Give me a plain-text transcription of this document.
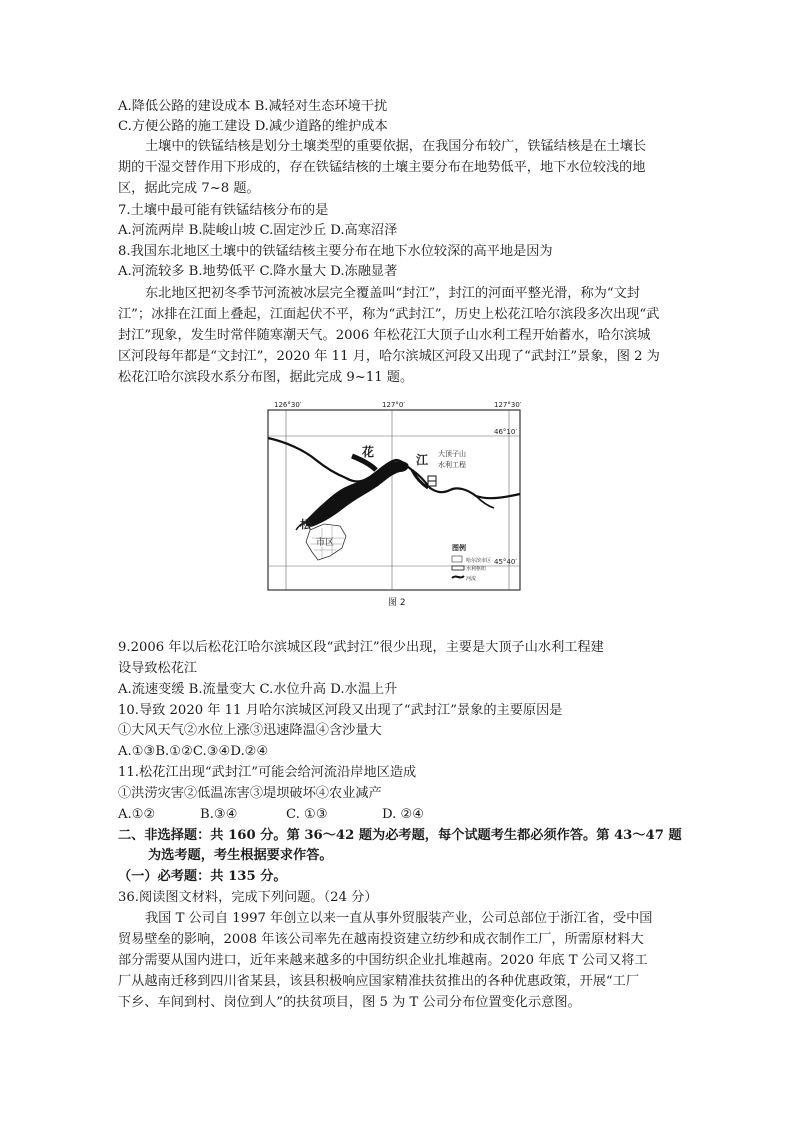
A.降低公路的建设成本 B.减轻对生态环境干扰
C.方便公路的施工建设 D.减少道路的维护成本
土壤中的铁锰结核是划分土壤类型的重要依据，在我国分布较广，铁锰结核是在土壤长
期的干湿交替作用下形成的，存在铁锰结核的土壤主要分布在地势低平，地下水位较浅的地
区，据此完成 7~8 题。
7.土壤中最可能有铁锰结核分布的是
A.河流两岸 B.陡峻山坡 C.固定沙丘 D.高寒沼泽
8.我国东北地区土壤中的铁锰结核主要分布在地下水位较深的高平地是因为
A.河流较多 B.地势低平 C.降水量大 D.冻融显著
东北地区把初冬季节河流被冰层完全覆盖叫“封江”，封江的河面平整光滑，称为“文封
江”；冰排在江面上叠起，江面起伏不平，称为“武封江”，历史上松花江哈尔滨段多次出现“武
封江”现象，发生时常伴随寒潮天气。2006 年松花江大顶子山水利工程开始蓄水，哈尔滨城
区河段每年都是“文封江”，2020 年 11 月，哈尔滨城区河段又出现了“武封江”景象，图 2 为
松花江哈尔滨段水系分布图，据此完成 9~11 题。
126°30′	127°0′	127°30′
46°10′
45°40′
花
江
松
市区
大顶子山
水利工程
图例
哈尔滨市区
水利枢纽
河流
图 2
9.2006 年以后松花江哈尔滨城区段“武封江”很少出现，主要是大顶子山水利工程建
设导致松花江
A.流速变缓 B.流量变大 C.水位升高 D.水温上升
10.导致 2020 年 11 月哈尔滨城区河段又出现了“武封江”景象的主要原因是
①大风天气②水位上涨③迅速降温④含沙量大
A.①③B.①②C.③④D.②④
11.松花江出现“武封江”可能会给河流沿岸地区造成
①洪涝灾害②低温冻害③堤坝破坏④农业减产
A.①②	B.③④	C. ①③	D. ②④
二、非选择题：共 160 分。第 36～42 题为必考题，每个试题考生都必须作答。第 43～47 题
为选考题，考生根据要求作答。
（一）必考题：共 135 分。
36.阅读图文材料，完成下列问题。（24 分）
我国 T 公司自 1997 年创立以来一直从事外贸服装产业，公司总部位于浙江省，受中国
贸易壁垒的影响，2008 年该公司率先在越南投资建立纺纱和成衣制作工厂，所需原材料大
部分需要从国内进口，近年来越来越多的中国纺织企业扎堆越南。2020 年底 T 公司又将工
厂从越南迁移到四川省某县，该县积极响应国家精准扶贫推出的各种优惠政策，开展“工厂
下乡、车间到村、岗位到人”的扶贫项目，图 5 为 T 公司分布位置变化示意图。
